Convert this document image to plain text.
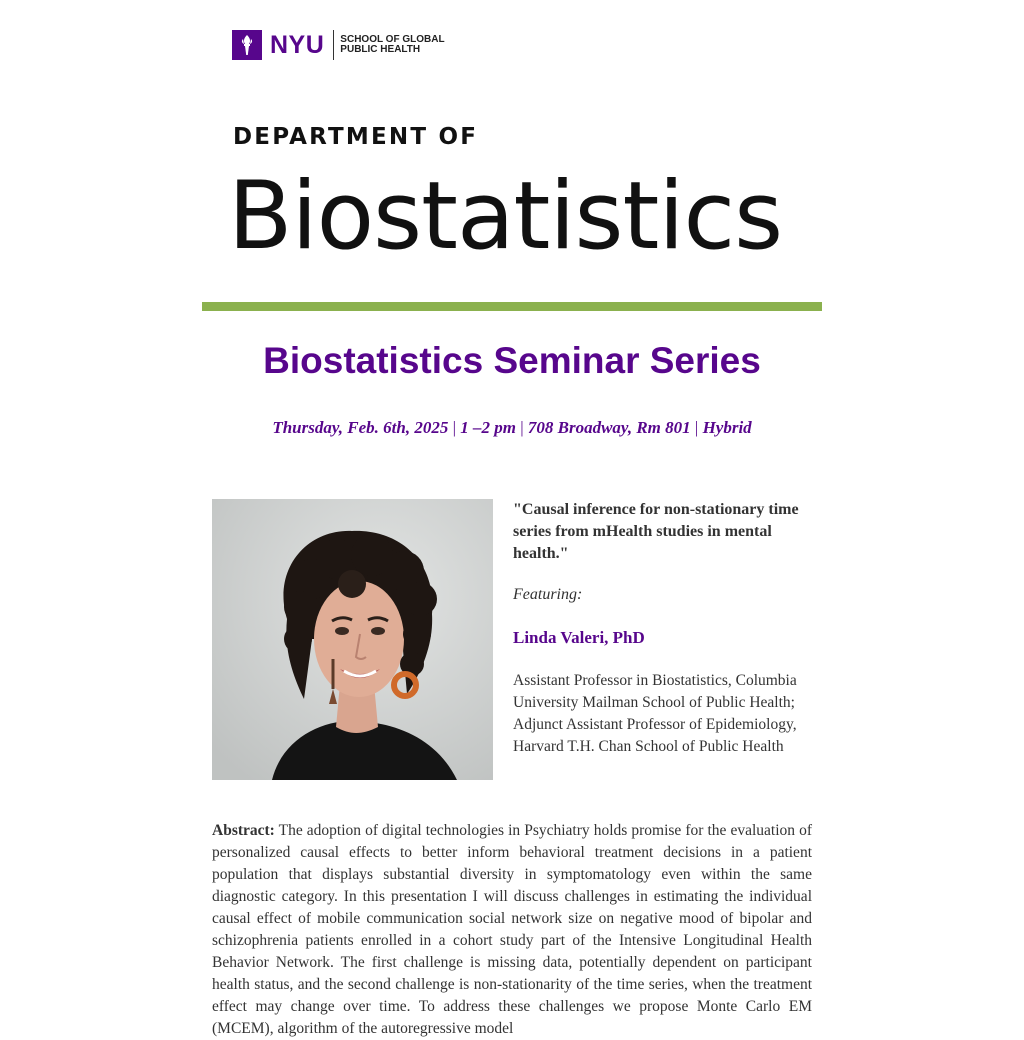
NYU SCHOOL OF GLOBAL
PUBLIC HEALTH
DEPARTMENT OF
Biostatistics
Biostatistics Seminar Series
Thursday, Feb. 6th, 2025 | 1 –2 pm | 708 Broadway, Rm 801 | Hybrid
"Causal inference for non-stationary time series from mHealth studies in mental health."
Featuring:
Linda Valeri, PhD
Assistant Professor in Biostatistics, Columbia University Mailman School of Public Health; Adjunct Assistant Professor of Epidemiology, Harvard T.H. Chan School of Public Health
Abstract: The adoption of digital technologies in Psychiatry holds promise for the evaluation of personalized causal effects to better inform behavioral treatment decisions in a patient population that displays substantial diversity in symptomatology even within the same diagnostic category. In this presentation I will discuss challenges in estimating the individual causal effect of mobile communication social network size on negative mood of bipolar and schizophrenia patients enrolled in a cohort study part of the Intensive Longitudinal Health Behavior Network. The first challenge is missing data, potentially dependent on participant health status, and the second challenge is non-stationarity of the time series, when the treatment effect may change over time. To address these challenges we propose Monte Carlo EM (MCEM), algorithm of the autoregressive model
